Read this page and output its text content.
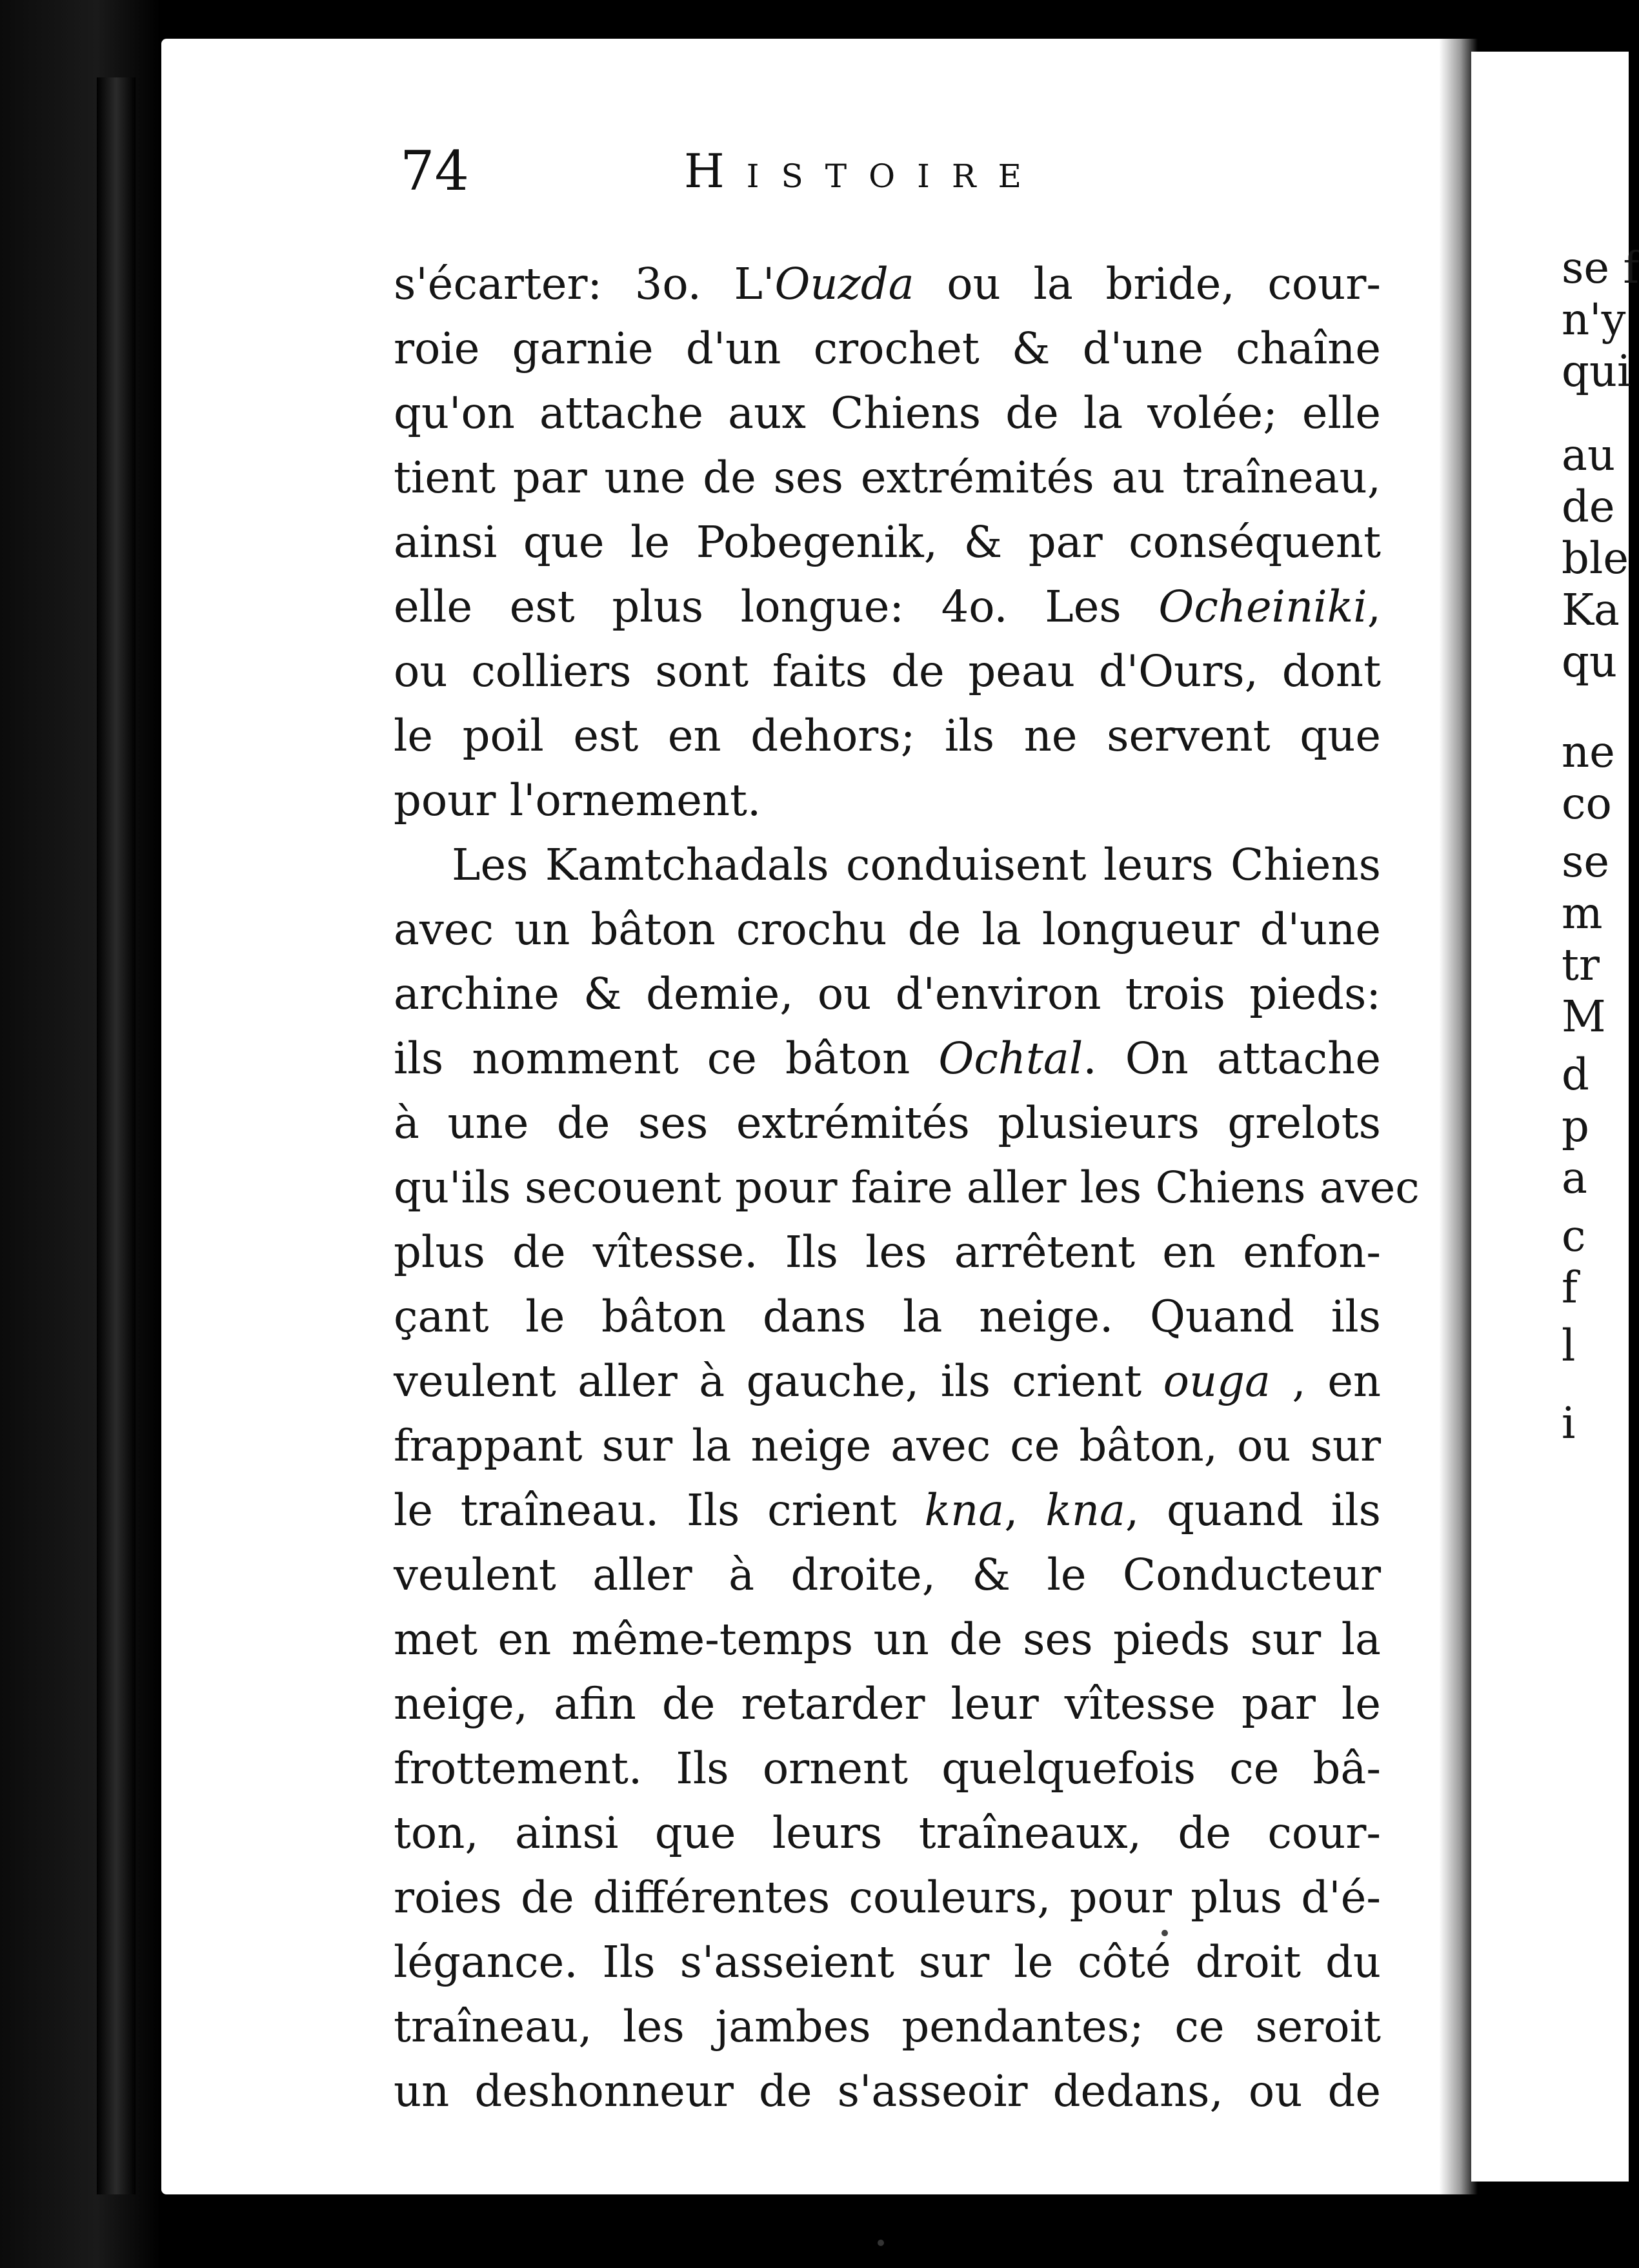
se f
n'y
qui
au
de
ble
Ka
qu
ne
co
se
m
tr
M
d
p
a
c
f
l
i
74	Histoire
s'écarter: 3o. L'Ouzda ou la bride, cour-
roie garnie d'un crochet & d'une chaîne
qu'on attache aux Chiens de la volée; elle
tient par une de ses extrémités au traîneau,
ainsi que le Pobegenik, & par conséquent
elle est plus longue: 4o. Les Ocheiniki,
ou colliers sont faits de peau d'Ours, dont
le poil est en dehors; ils ne servent que
pour l'ornement.
Les Kamtchadals conduisent leurs Chiens
avec un bâton crochu de la longueur d'une
archine & demie, ou d'environ trois pieds:
ils nomment ce bâton Ochtal. On attache
à une de ses extrémités plusieurs grelots
qu'ils secouent pour faire aller les Chiens avec
plus de vîtesse. Ils les arrêtent en enfon-
çant le bâton dans la neige. Quand ils
veulent aller à gauche, ils crient ouga , en
frappant sur la neige avec ce bâton, ou sur
le traîneau. Ils crient kna, kna, quand ils
veulent aller à droite, & le Conducteur
met en même-temps un de ses pieds sur la
neige, afin de retarder leur vîtesse par le
frottement. Ils ornent quelquefois ce bâ-
ton, ainsi que leurs traîneaux, de cour-
roies de différentes couleurs, pour plus d'é-
légance. Ils s'asseient sur le côté droit du
traîneau, les jambes pendantes; ce seroit
un deshonneur de s'asseoir dedans, ou de
